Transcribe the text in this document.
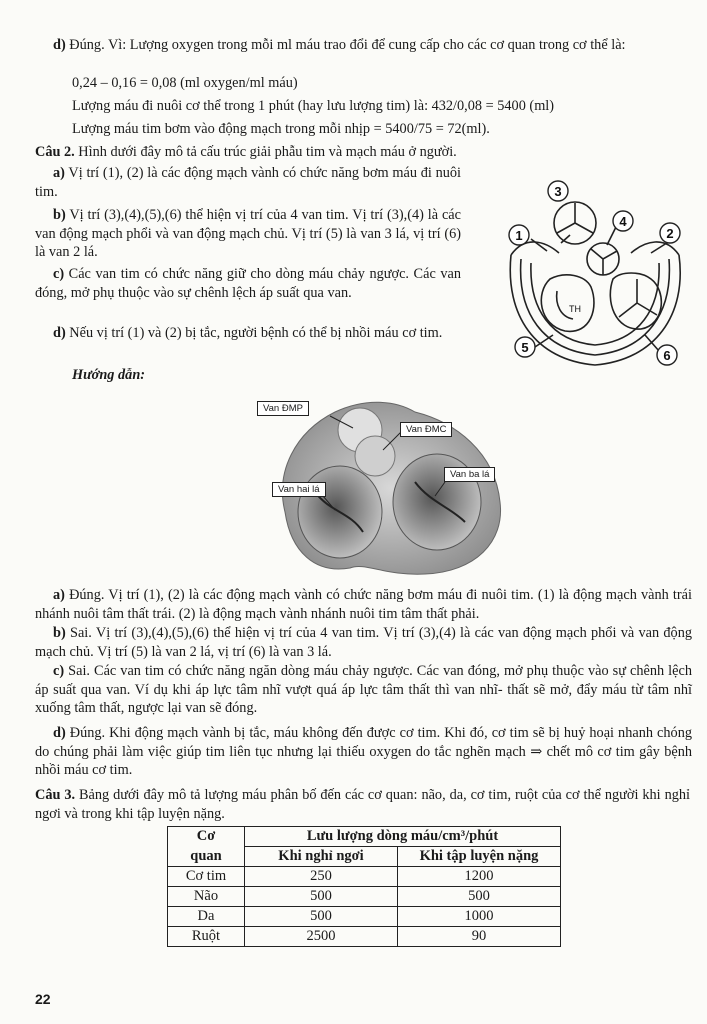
d) Đúng. Vì: Lượng oxygen trong mỗi ml máu trao đổi để cung cấp cho các cơ quan trong cơ thể là:

0,24 – 0,16 = 0,08 (ml oxygen/ml máu)

Lượng máu đi nuôi cơ thể trong 1 phút (hay lưu lượng tim) là: 432/0,08 = 5400 (ml)

Lượng máu tim bơm vào động mạch trong mỗi nhịp = 5400/75 = 72(ml).

Câu 2. Hình dưới đây mô tả cấu trúc giải phẫu tim và mạch máu ở người.

a) Vị trí (1), (2) là các động mạch vành có chức năng bơm máu đi nuôi tim.

b) Vị trí (3),(4),(5),(6) thể hiện vị trí của 4 van tim. Vị trí (3),(4) là các van động mạch phổi và van động mạch chủ. Vị trí (5) là van 3 lá, vị trí (6) là van 2 lá.

c) Các van tim có chức năng giữ cho dòng máu chảy ngược. Các van đóng, mở phụ thuộc vào sự chênh lệch áp suất qua van.

d) Nếu vị trí (1) và (2) bị tắc, người bệnh có thể bị nhồi máu cơ tim.

Hướng dẫn:

3
4
1	2
5
6
TH
Van ĐMP
Van ĐMC
Van ba lá
Van hai lá

a) Đúng. Vị trí (1), (2) là các động mạch vành có chức năng bơm máu đi nuôi tim. (1) là động mạch vành trái nhánh nuôi tâm thất trái. (2) là động mạch vành nhánh nuôi tim tâm thất phải.

b) Sai. Vị trí (3),(4),(5),(6) thể hiện vị trí của 4 van tim. Vị trí (3),(4) là các van động mạch phổi và van động mạch chủ. Vị trí (5) là van 2 lá, vị trí (6) là van 3 lá.

c) Sai. Các van tim có chức năng ngăn dòng máu chảy ngược. Các van đóng, mở phụ thuộc vào sự chênh lệch áp suất qua van. Ví dụ khi áp lực tâm nhĩ vượt quá áp lực tâm thất thì van nhĩ- thất sẽ mở, đẩy máu từ tâm nhĩ xuống tâm thất, ngược lại van sẽ đóng.

d) Đúng. Khi động mạch vành bị tắc, máu không đến được cơ tim. Khi đó, cơ tim sẽ bị huỷ hoại nhanh chóng do chúng phải làm việc giúp tim liên tục nhưng lại thiếu oxygen do tắc nghẽn mạch ⇒ chết mô cơ tim gây bệnh nhồi máu cơ tim.

Câu 3. Bảng dưới đây mô tả lượng máu phân bố đến các cơ quan: não, da, cơ tim, ruột của cơ thể người khi nghỉ ngơi và trong khi tập luyện nặng.

Cơ	Lưu lượng dòng máu/cm³/phút	
quan	Khi nghỉ ngơi	Khi tập luyện nặng
Cơ tim	250	1200
Não	500	500
Da	500	1000
Ruột	2500	90
22
